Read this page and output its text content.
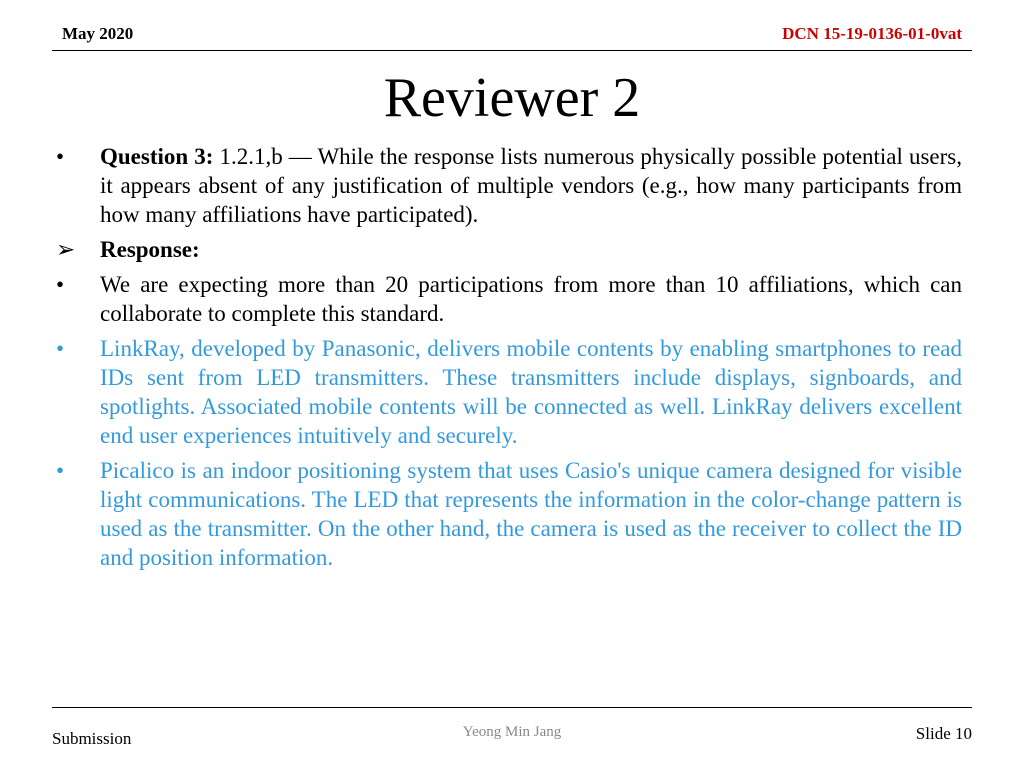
May 2020	DCN 15-19-0136-01-0vat
Reviewer 2
•	Question 3: 1.2.1,b — While the response lists numerous physically possible potential users, it appears absent of any justification of multiple vendors (e.g., how many participants from how many affiliations have participated).
➢	Response:
•	We are expecting more than 20 participations from more than 10 affiliations, which can collaborate to complete this standard.
•	LinkRay, developed by Panasonic, delivers mobile contents by enabling smartphones to read IDs sent from LED transmitters. These transmitters include displays, signboards, and spotlights. Associated mobile contents will be connected as well. LinkRay delivers excellent end user experiences intuitively and securely.
•	Picalico is an indoor positioning system that uses Casio's unique camera designed for visible light communications. The LED that represents the information in the color-change pattern is used as the transmitter. On the other hand, the camera is used as the receiver to collect the ID and position information.
Submission	Yeong Min Jang	Slide 10
